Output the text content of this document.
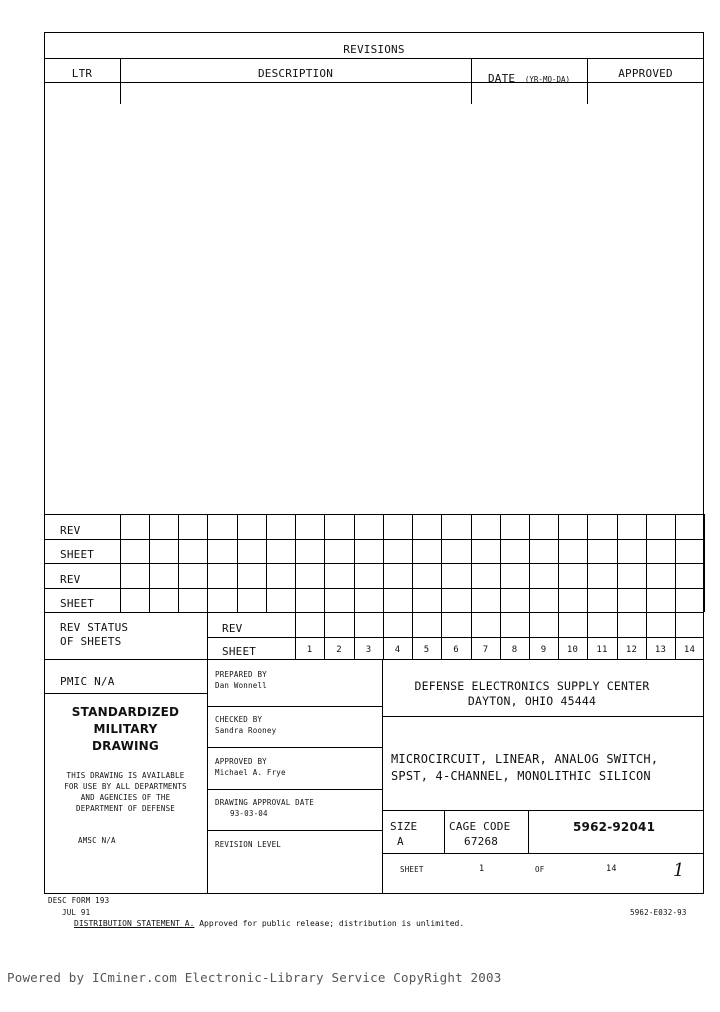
REVISIONS
LTR	DESCRIPTION	DATE (YR-MO-DA)	APPROVED
REV
SHEET
REV
SHEET
REV STATUS
OF SHEETS
REV
SHEET	1	2	3	4	5	6	7	8	9	10	11	12	13	14
PMIC N/A
STANDARDIZED
MILITARY
DRAWING
THIS DRAWING IS AVAILABLE
FOR USE BY ALL DEPARTMENTS
AND AGENCIES OF THE
DEPARTMENT OF DEFENSE
AMSC N/A
PREPARED BY
Dan Wonnell
CHECKED BY
Sandra Rooney
APPROVED BY
Michael A. Frye
DRAWING APPROVAL DATE
93-03-04
REVISION LEVEL
DEFENSE ELECTRONICS SUPPLY CENTER
DAYTON, OHIO 45444
MICROCIRCUIT, LINEAR, ANALOG SWITCH,
SPST, 4-CHANNEL, MONOLITHIC SILICON
SIZE
A
CAGE CODE
67268
5962-92041
SHEET	1	OF	14	1
DESC FORM 193
JUL 91
DISTRIBUTION STATEMENT A. Approved for public release; distribution is unlimited.
5962-E032-93
Powered by ICminer.com Electronic-Library Service CopyRight 2003
